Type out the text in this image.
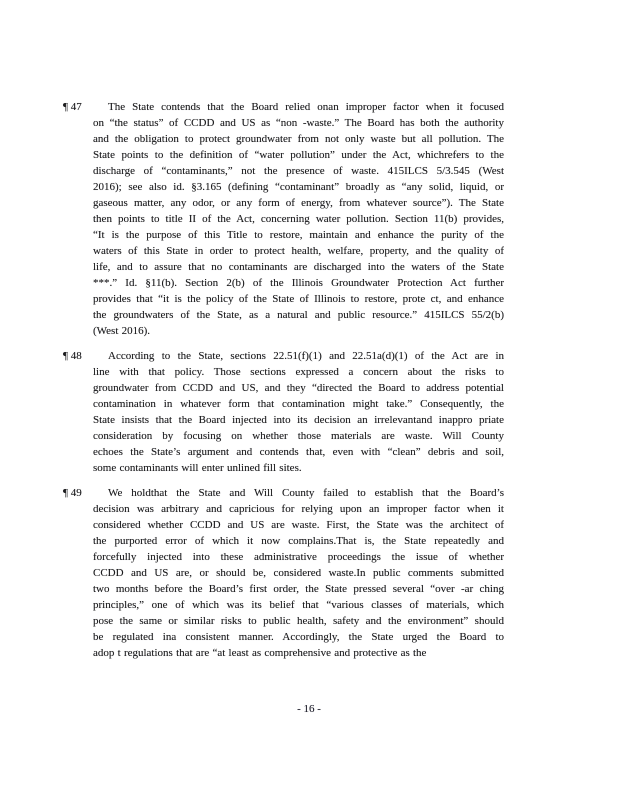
¶ 47	The State contends that the Board relied onan improper factor when it focused
on “the status” of CCDD and US as “non -waste.” The Board has both the authority
and the obligation to protect groundwater from not only waste but all pollution. The
State points to the definition of “water pollution” under the Act, whichrefers to the
discharge of “contaminants,” not the presence of waste. 415ILCS 5/3.545 (West
2016); see also id. §3.165 (defining “contaminant” broadly as “any solid, liquid, or
gaseous matter, any odor, or any form of energy, from whatever source”). The State
then points to title II of the Act, concerning water pollution. Section 11(b) provides,
“It is the purpose of this Title to restore, maintain and enhance the purity of the
waters of this State in order to protect health, welfare, property, and the quality of
life, and to assure that no contaminants are discharged into the waters of the State
***.” Id. §11(b). Section 2(b) of the Illinois Groundwater Protection Act further
provides that “it is the policy of the State of Illinois to restore, prote ct, and enhance
the groundwaters of the State, as a natural and public resource.” 415ILCS 55/2(b)
(West 2016).
¶ 48	According to the State, sections 22.51(f)(1) and 22.51a(d)(1) of the Act are in
line with that policy. Those sections expressed a concern about the risks to
groundwater from CCDD and US, and they “directed the Board to address potential
contamination in whatever form that contamination might take.” Consequently, the
State insists that the Board injected into its decision an irrelevantand inappro priate
consideration by focusing on whether those materials are waste. Will County
echoes the State’s argument and contends that, even with “clean” debris and soil,
some contaminants will enter unlined fill sites.
¶ 49	We holdthat the State and Will County failed to establish that the Board’s
decision was arbitrary and capricious for relying upon an improper factor when it
considered whether CCDD and US are waste. First, the State was the architect of
the purported error of which it now complains.That is, the State repeatedly and
forcefully injected into these administrative proceedings the issue of whether
CCDD and US are, or should be, considered waste.In public comments submitted
two months before the Board’s first order, the State pressed several “over -ar ching
principles,” one of which was its belief that “various classes of materials, which
pose the same or similar risks to public health, safety and the environment” should
be regulated ina consistent manner. Accordingly, the State urged the Board to
adop t regulations that are “at least as comprehensive and protective as the
- 16 -
